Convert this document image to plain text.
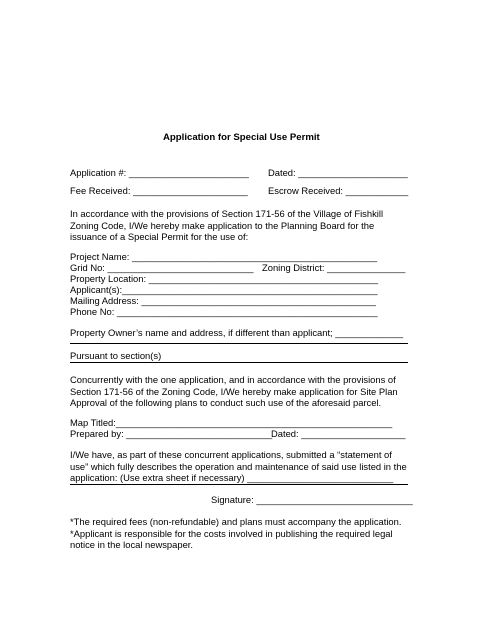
Application for Special Use Permit
Application #: _______________________ Dated: _____________________
Fee Received: ______________________ Escrow Received: ____________
In accordance with the provisions of Section 171-56 of the Village of Fishkill
Zoning Code, I/We hereby make application to the Planning Board for the
issuance of a Special Permit for the use of:
Project Name: _______________________________________________
Grid No: ____________________________ Zoning District: _______________
Property Location: ____________________________________________
Applicant(s):_________________________________________________
Mailing Address: _____________________________________________
Phone No: __________________________________________________
Property Owner’s name and address, if different than applicant; _____________
Pursuant to section(s)
Concurrently with the one application, and in accordance with the provisions of
Section 171-56 of the Zoning Code, I/We hereby make application for Site Plan
Approval of the following plans to conduct such use of the aforesaid parcel.
Map Titled:_____________________________________________________
Prepared by: ____________________________
Dated: ____________________
I/We have, as part of these concurrent applications, submitted a “statement of
use” which fully describes the operation and maintenance of said use listed in the
application: (Use extra sheet if necessary) ____________________________
Signature: ______________________________
*The required fees (non-refundable) and plans must accompany the application.
*Applicant is responsible for the costs involved in publishing the required legal
notice in the local newspaper.
